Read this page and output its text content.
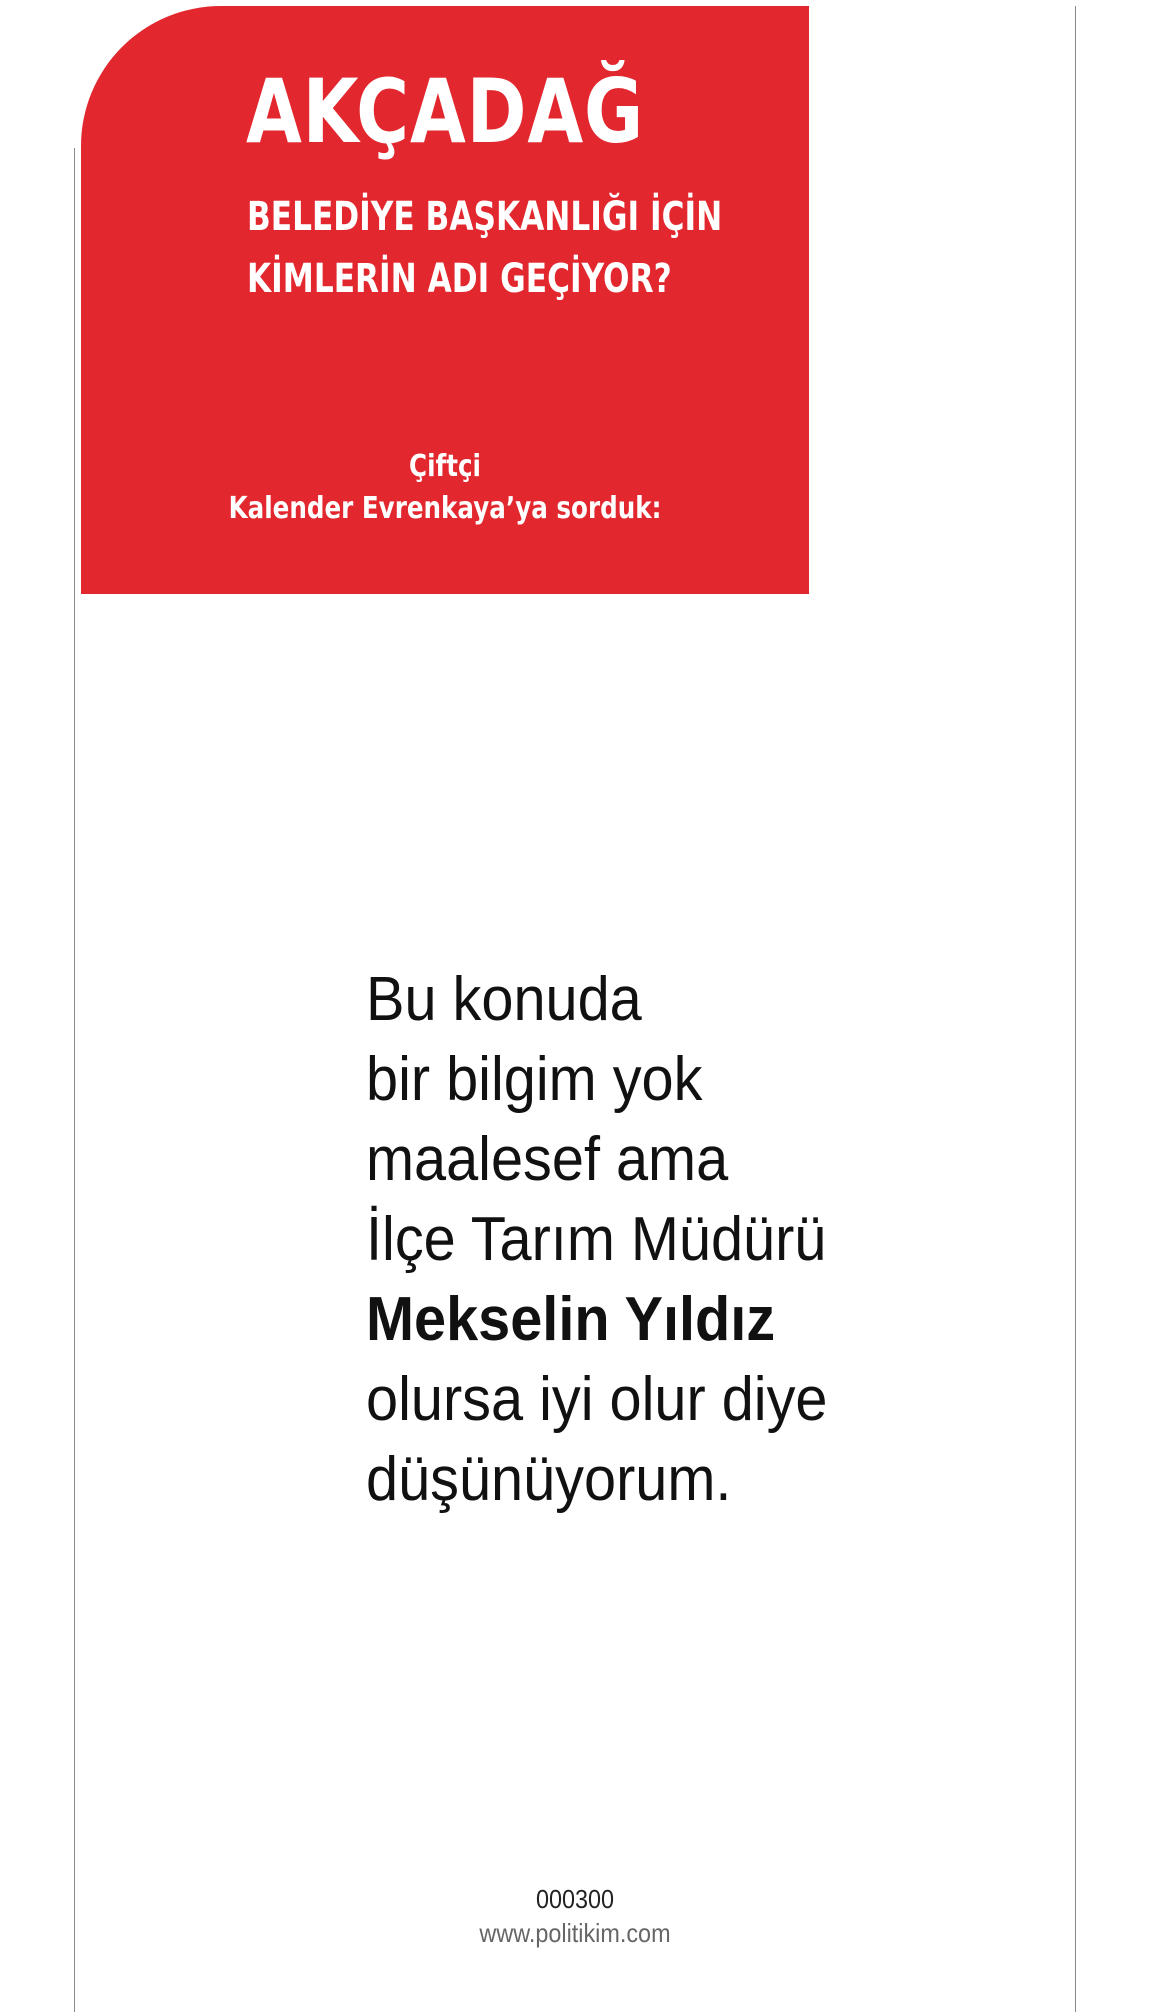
AKÇADAĞ
BELEDİYE BAŞKANLIĞI İÇİN
KİMLERİN ADI GEÇİYOR?

Çiftçi
Kalender Evrenkaya’ya sorduk:

Bu konuda
bir bilgim yok
maalesef ama
İlçe Tarım Müdürü
Mekselin Yıldız
olursa iyi olur diye
düşünüyorum.

000300
www.politikim.com
